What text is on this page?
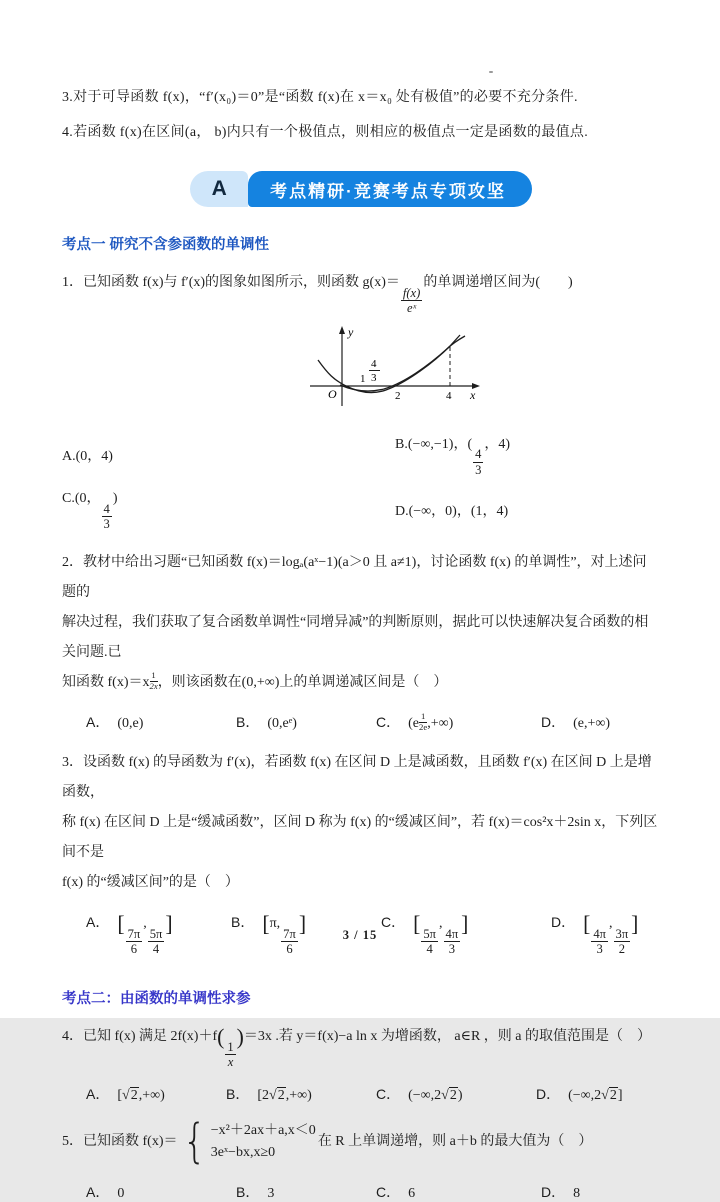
3.对于可导函数 f(x)，“f′(x₀)＝0”是“函数 f(x)在 x＝x₀ 处有极值”的必要不充分条件.
4.若函数 f(x)在区间(a， b)内只有一个极值点，则相应的极值点一定是函数的最值点.
A	考点精研·竞赛考点专项攻坚
考点一 研究不含参函数的单调性
1．已知函数 f(x)与 f′(x)的图象如图所示，则函数 g(x)＝
$\frac{f(x)}{\text{eˣ}}$
的单调递增区间为(　　)
y
x
O
1
4
3
2	4
A.(0，4)
B.(−∞,−1)，(
$\frac{4}{3}$
，4)
C.(0，
$\frac{4}{3}$
)
D.(−∞，0)，(1，4)
2．教材中给出习题“已知函数 f(x)＝logₐ(aˣ−1)(a＞0 且 a≠1)，讨论函数 f(x) 的单调性”，对上述问题的
解决过程，我们获取了复合函数单调性“同增异减”的判断原则，据此可以快速解决复合函数的相关问题.已
知函数 $f(x)=x \frac{1}{2x}$ ，则该函数在(0,+∞)上的单调递减区间是（　）
A． (0,e)	B． (0,eᵉ)	C． ($e \frac{1}{2e}$ ,+∞)	D． (e,+∞)
3．设函数 f(x) 的导函数为 f′(x)，若函数 f(x) 在区间 D 上是减函数，且函数 f′(x) 在区间 D 上是增函数，
称 f(x) 在区间 D 上是“缓减函数”，区间 D 称为 f(x) 的“缓减区间”，若 f(x)＝cos²x＋2sin x，下列区间不是
f(x) 的“缓减区间”的是（　）
A． [
$\frac{7\pi}{6}$
,
$\frac{5\pi}{4}$
]	B． [π,
$\frac{7\pi}{6}$
]	C． [
$\frac{5\pi}{4}$
,
$\frac{4\pi}{3}$
]	D． [
$\frac{4\pi}{3}$
,
$\frac{3\pi}{2}$
]
考点二：由函数的单调性求参
4．已知 f(x) 满足 2f(x)＋f(
$\frac{1}{x}$
)＝3x .若 y＝f(x)−a ln x 为增函数， a∈R ，则 a 的取值范围是（　）
A． [√2,+∞)	B． [2√2,+∞)	C． (−∞,2√2)	D． (−∞,2√2]
5．已知函数 f(x)＝ { −x²＋2ax＋a,x＜0
3eˣ−bx,x≥0
在 R 上单调递增，则 a＋b 的最大值为（　）
A． 0	B． 3	C． 6	D． 8
3 / 15
